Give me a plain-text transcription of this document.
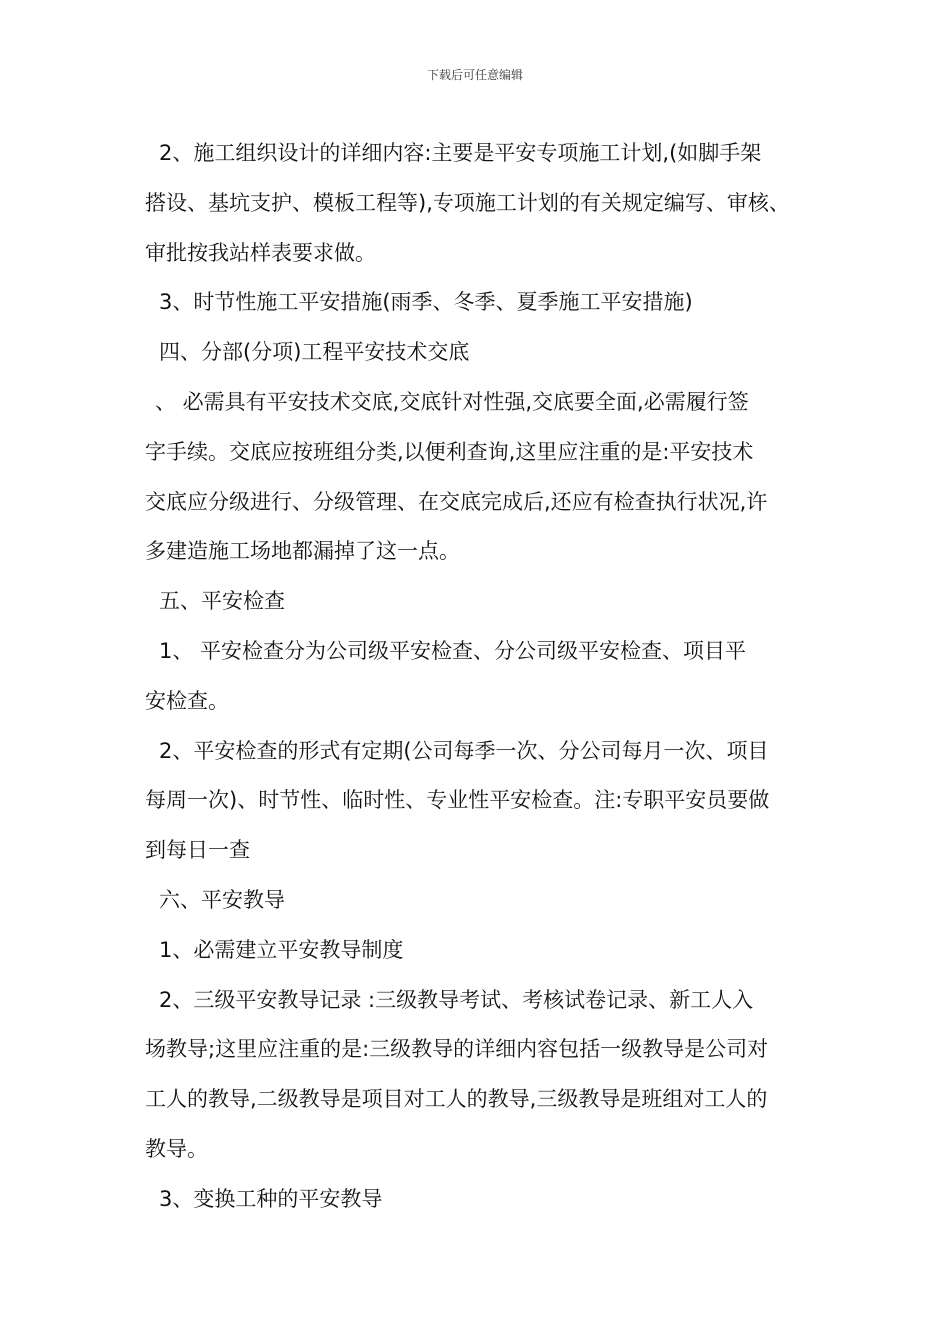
下载后可任意编辑
2、施工组织设计的详细内容:主要是平安专项施工计划,(如脚手架
搭设、基坑支护、模板工程等),专项施工计划的有关规定编写、审核、
审批按我站样表要求做。
3、时节性施工平安措施(雨季、冬季、夏季施工平安措施)
四、分部(分项)工程平安技术交底
、 必需具有平安技术交底,交底针对性强,交底要全面,必需履行签
字手续。交底应按班组分类,以便利查询,这里应注重的是:平安技术
交底应分级进行、分级管理、在交底完成后,还应有检查执行状况,许
多建造施工场地都漏掉了这一点。
五、平安检查
1、 平安检查分为公司级平安检查、分公司级平安检查、项目平
安检查。
2、平安检查的形式有定期(公司每季一次、分公司每月一次、项目
每周一次)、时节性、临时性、专业性平安检查。注:专职平安员要做
到每日一查
六、平安教导
1、必需建立平安教导制度
2、三级平安教导记录 :三级教导考试、考核试卷记录、新工人入
场教导;这里应注重的是:三级教导的详细内容包括一级教导是公司对
工人的教导,二级教导是项目对工人的教导,三级教导是班组对工人的
教导。
3、变换工种的平安教导
